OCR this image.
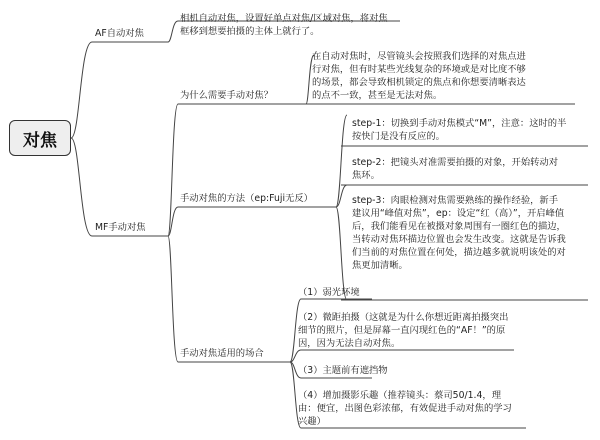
对焦
AF自动对焦
相机自动对焦，设置好单点对焦/区域对焦，将对焦
框移到想要拍摄的主体上就行了。
MF手动对焦
为什么需要手动对焦？
在自动对焦时，尽管镜头会按照我们选择的对焦点进
行对焦，但有时某些光线复杂的环境或是对比度不够
的场景，都会导致相机锁定的焦点和你想要清晰表达
的点不一致，甚至是无法对焦。
手动对焦的方法（ep:Fuji无反）
step-1：切换到手动对焦模式“M”，注意：这时的半
按快门是没有反应的。
step-2：把镜头对准需要拍摄的对象，开始转动对
焦环。
step-3：肉眼检测对焦需要熟练的操作经验，新手
建议用“峰值对焦”，ep：设定“红（高）”，开启峰值
后，我们能看见在被摄对象周围有一圈红色的描边，
当转动对焦环描边位置也会发生改变。这就是告诉我
们当前的对焦位置在何处，描边越多就说明该处的对
焦更加清晰。
手动对焦适用的场合
（1）弱光环境
（2）微距拍摄（这就是为什么你想近距离拍摄突出
细节的照片，但是屏幕一直闪现红色的“AF！”的原
因，因为无法自动对焦。
（3）主题前有遮挡物
（4）增加摄影乐趣（推荐镜头：蔡司50/1.4，理
由：便宜，出图色彩浓郁，有效促进手动对焦的学习
兴趣）
